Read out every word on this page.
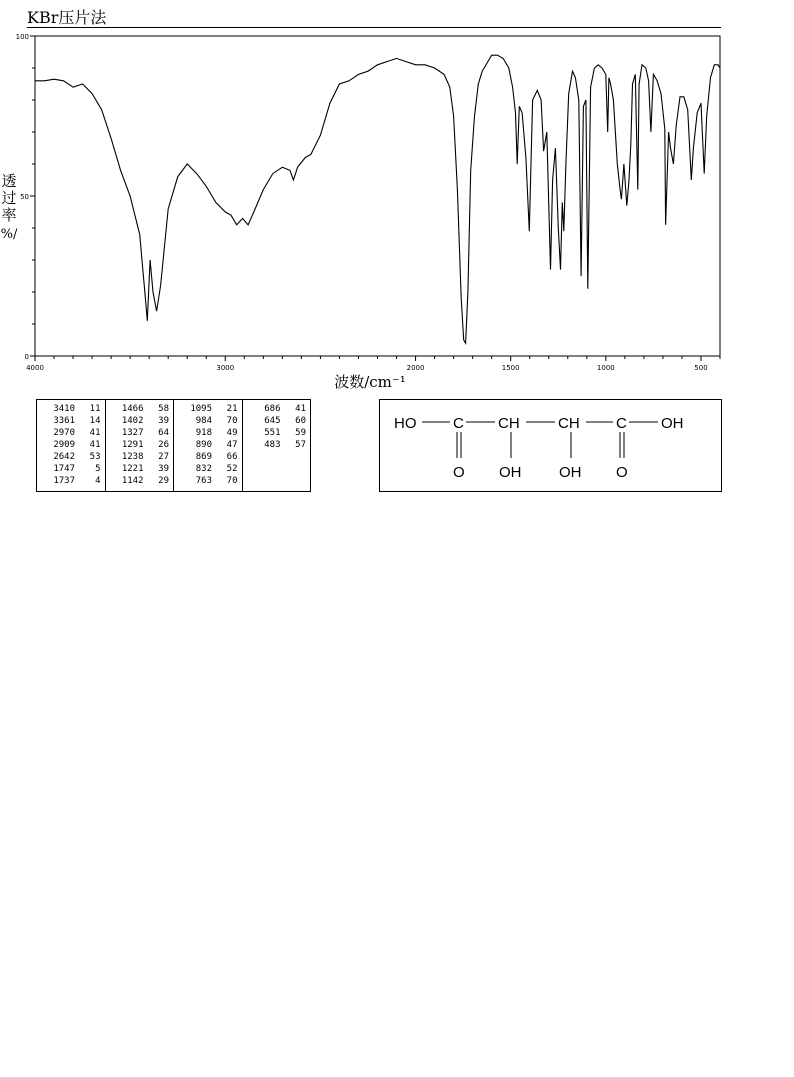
KBr压片法
4000	3000	2000	1500	1000	500
0
50
100
波数/cm⁻¹
透
过
率
%/
3410	11
3361	14
2970	41
2909	41
2642	53
1747	5
1737	4
1466	58
1402	39
1327	64
1291	26
1238	27
1221	39
1142	29
1095	21
984	70
918	49
890	47
869	66
832	52
763	70
686	41
645	60
551	59
483	57
HO C CH	CH C OH
O OH	OH O
